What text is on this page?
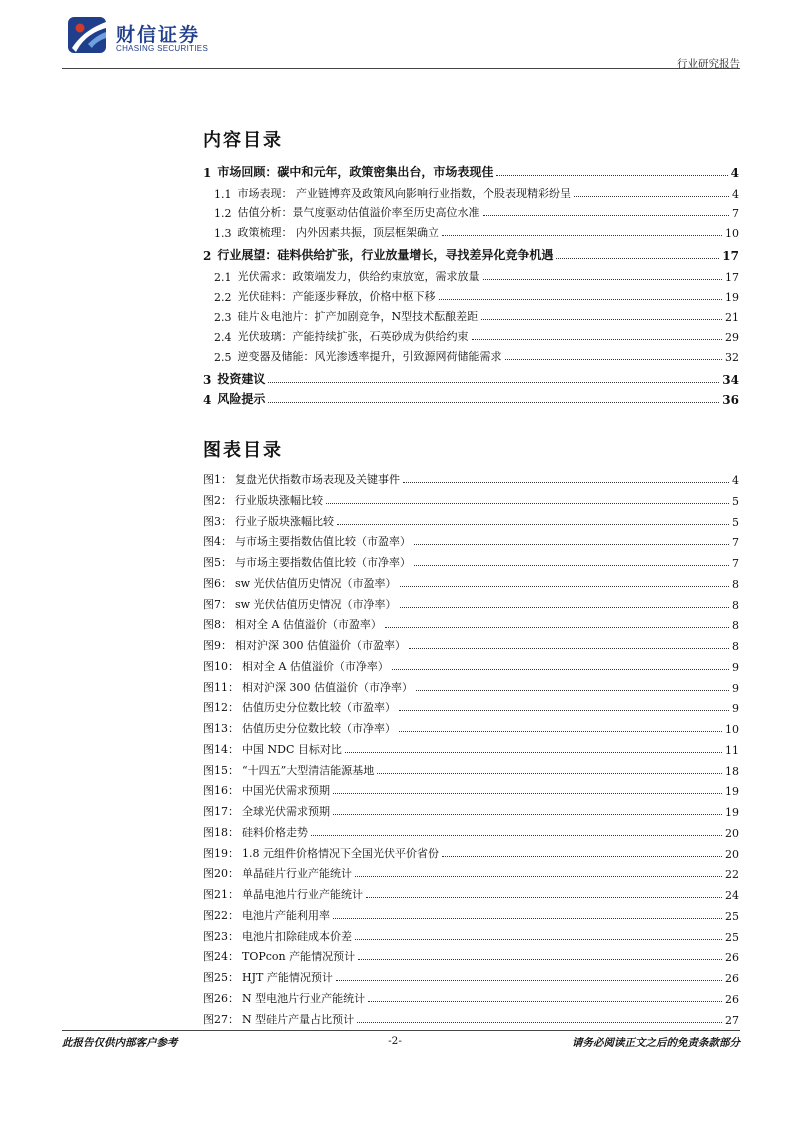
财信证券
CHASING SECURITIES
行业研究报告
内容目录
1 市场回顾：碳中和元年，政策密集出台，市场表现佳	4
1.1 市场表现： 产业链博弈及政策风向影响行业指数，个股表现精彩纷呈	4
1.2 估值分析：景气度驱动估值溢价率至历史高位水准	7
1.3 政策梳理： 内外因素共振，顶层框架确立	10
2 行业展望：硅料供给扩张，行业放量增长，寻找差异化竞争机遇	17
2.1 光伏需求：政策端发力，供给约束放宽，需求放量	17
2.2 光伏硅料：产能逐步释放，价格中枢下移	19
2.3 硅片＆电池片：扩产加剧竞争，N型技术酝酿差距	21
2.4 光伏玻璃：产能持续扩张，石英砂成为供给约束	29
2.5 逆变器及储能：风光渗透率提升，引致源网荷储能需求	32
3 投资建议	34
4 风险提示	36
图表目录
图1： 复盘光伏指数市场表现及关键事件	4
图2： 行业版块涨幅比较	5
图3： 行业子版块涨幅比较	5
图4： 与市场主要指数估值比较（市盈率）	7
图5： 与市场主要指数估值比较（市净率）	7
图6： sw 光伏估值历史情况（市盈率）	8
图7： sw 光伏估值历史情况（市净率）	8
图8： 相对全 A 估值溢价（市盈率）	8
图9： 相对沪深 300 估值溢价（市盈率）	8
图10： 相对全 A 估值溢价（市净率）	9
图11： 相对沪深 300 估值溢价（市净率）	9
图12： 估值历史分位数比较（市盈率）	9
图13： 估值历史分位数比较（市净率）	10
图14： 中国 NDC 目标对比	11
图15： “十四五”大型清洁能源基地	18
图16： 中国光伏需求预期	19
图17： 全球光伏需求预期	19
图18： 硅料价格走势	20
图19： 1.8 元组件价格情况下全国光伏平价省份	20
图20： 单晶硅片行业产能统计	22
图21： 单晶电池片行业产能统计	24
图22： 电池片产能利用率	25
图23： 电池片扣除硅成本价差	25
图24： TOPcon 产能情况预计	26
图25： HJT 产能情况预计	26
图26： N 型电池片行业产能统计	26
图27： N 型硅片产量占比预计	27
此报告仅供内部客户参考	-2-	请务必阅读正文之后的免责条款部分
